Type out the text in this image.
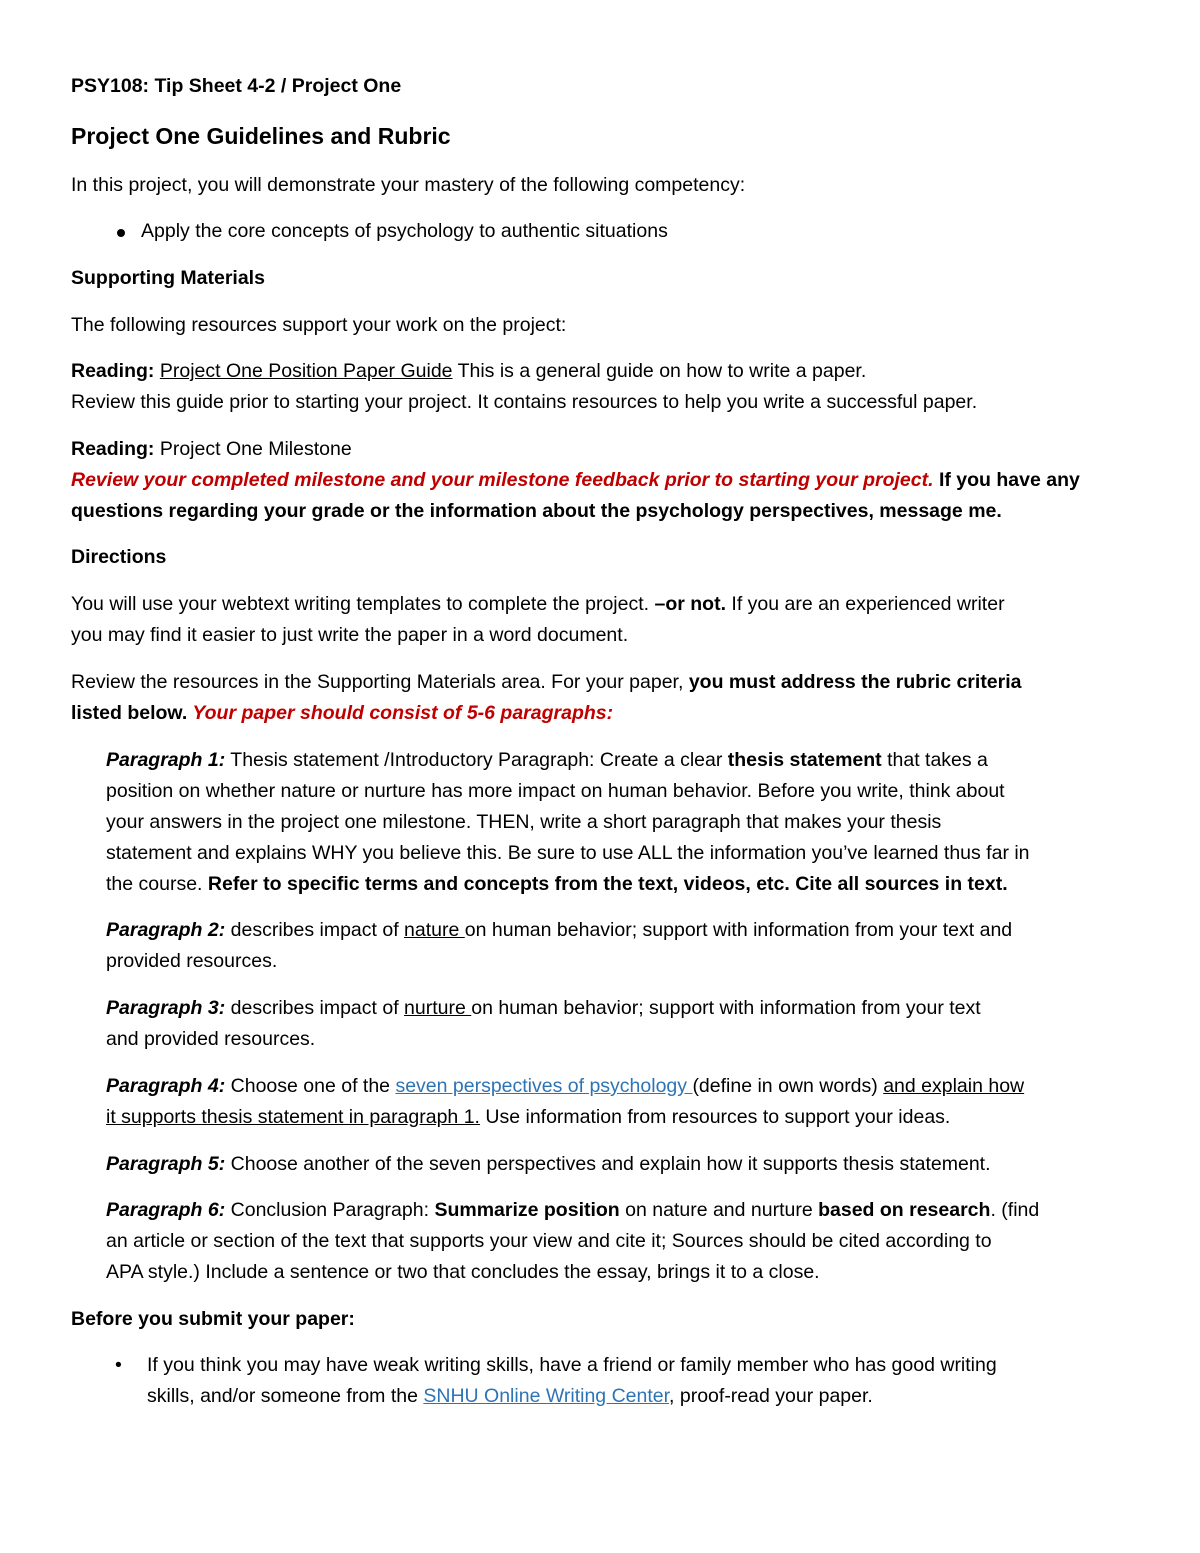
PSY108: Tip Sheet 4-2 / Project One
Project One Guidelines and Rubric
In this project, you will demonstrate your mastery of the following competency:
Apply the core concepts of psychology to authentic situations
Supporting Materials
The following resources support your work on the project:
Reading: Project One Position Paper Guide This is a general guide on how to write a paper.
Review this guide prior to starting your project. It contains resources to help you write a successful paper.
Reading: Project One Milestone
Review your completed milestone and your milestone feedback prior to starting your project. If you have any
questions regarding your grade or the information about the psychology perspectives, message me.
Directions
You will use your webtext writing templates to complete the project. –or not. If you are an experienced writer
you may find it easier to just write the paper in a word document.
Review the resources in the Supporting Materials area. For your paper, you must address the rubric criteria
listed below. Your paper should consist of 5-6 paragraphs:
Paragraph 1: Thesis statement /Introductory Paragraph: Create a clear thesis statement that takes a
position on whether nature or nurture has more impact on human behavior. Before you write, think about
your answers in the project one milestone. THEN, write a short paragraph that makes your thesis
statement and explains WHY you believe this. Be sure to use ALL the information you’ve learned thus far in
the course. Refer to specific terms and concepts from the text, videos, etc. Cite all sources in text.
Paragraph 2: describes impact of nature on human behavior; support with information from your text and
provided resources.
Paragraph 3: describes impact of nurture on human behavior; support with information from your text
and provided resources.
Paragraph 4: Choose one of the seven perspectives of psychology (define in own words) and explain how
it supports thesis statement in paragraph 1. Use information from resources to support your ideas.
Paragraph 5: Choose another of the seven perspectives and explain how it supports thesis statement.
Paragraph 6: Conclusion Paragraph: Summarize position on nature and nurture based on research. (find
an article or section of the text that supports your view and cite it; Sources should be cited according to
APA style.) Include a sentence or two that concludes the essay, brings it to a close.
Before you submit your paper:
• If you think you may have weak writing skills, have a friend or family member who has good writing
skills, and/or someone from the SNHU Online Writing Center, proof-read your paper.
